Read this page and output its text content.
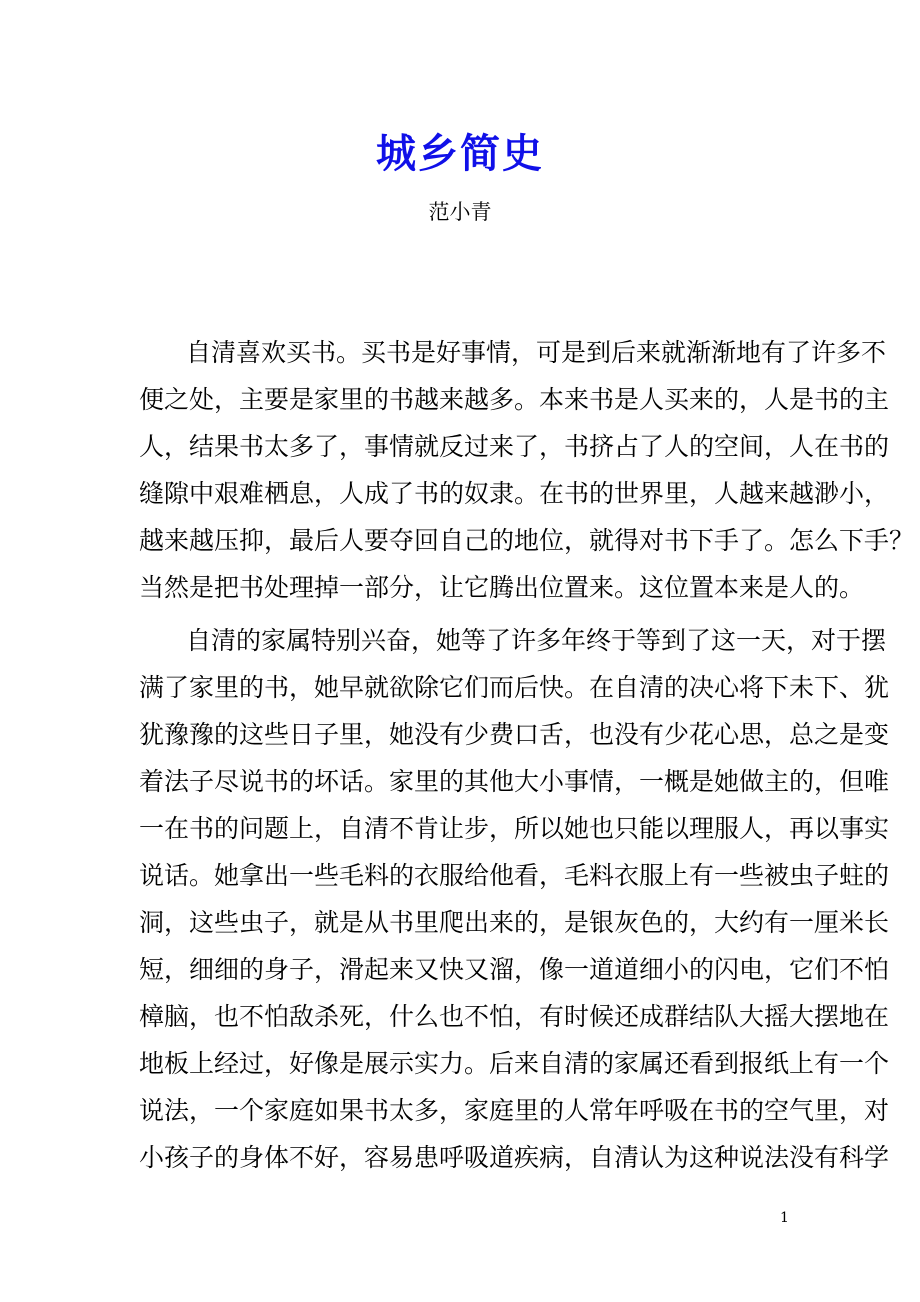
城乡简史
范小青
自清喜欢买书。买书是好事情，可是到后来就渐渐地有了许多不
便之处，主要是家里的书越来越多。本来书是人买来的，人是书的主
人，结果书太多了，事情就反过来了，书挤占了人的空间，人在书的
缝隙中艰难栖息，人成了书的奴隶。在书的世界里，人越来越渺小，
越来越压抑，最后人要夺回自己的地位，就得对书下手了。怎么下手？
当然是把书处理掉一部分，让它腾出位置来。这位置本来是人的。
自清的家属特别兴奋，她等了许多年终于等到了这一天，对于摆
满了家里的书，她早就欲除它们而后快。在自清的决心将下未下、犹
犹豫豫的这些日子里，她没有少费口舌，也没有少花心思，总之是变
着法子尽说书的坏话。家里的其他大小事情，一概是她做主的，但唯
一在书的问题上，自清不肯让步，所以她也只能以理服人，再以事实
说话。她拿出一些毛料的衣服给他看，毛料衣服上有一些被虫子蛀的
洞，这些虫子，就是从书里爬出来的，是银灰色的，大约有一厘米长
短，细细的身子，滑起来又快又溜，像一道道细小的闪电，它们不怕
樟脑，也不怕敌杀死，什么也不怕，有时候还成群结队大摇大摆地在
地板上经过，好像是展示实力。后来自清的家属还看到报纸上有一个
说法，一个家庭如果书太多，家庭里的人常年呼吸在书的空气里，对
小孩子的身体不好，容易患呼吸道疾病，自清认为这种说法没有科学
1
